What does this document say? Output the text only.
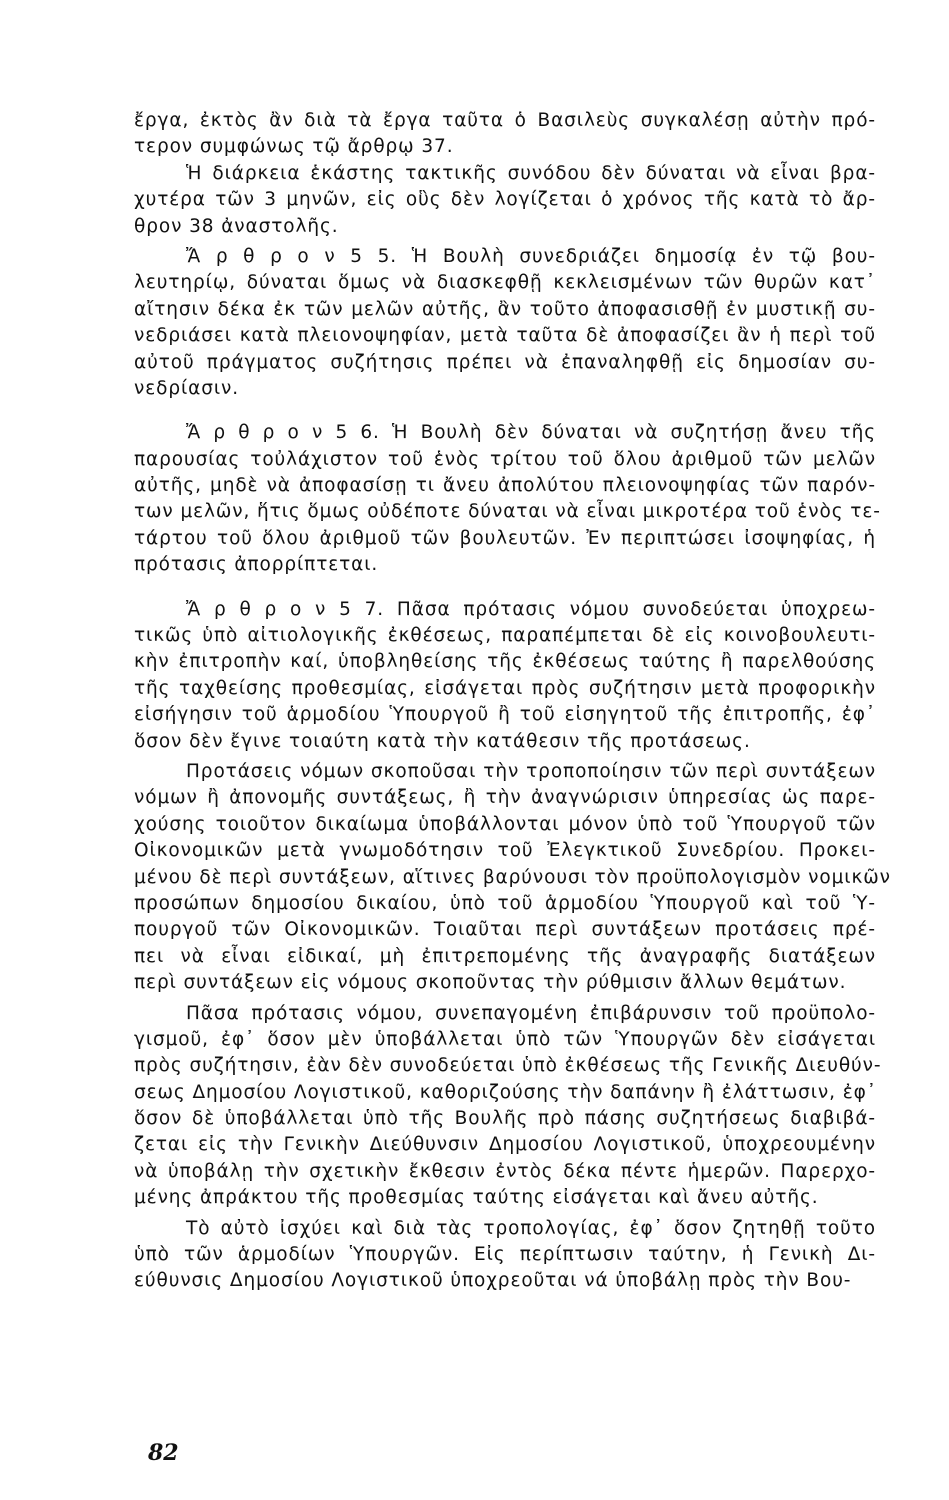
ἔργα, ἐκτὸς ἂν διὰ τὰ ἔργα ταῦτα ὁ Βασιλεὺς συγκαλέσῃ αὐτὴν πρό-
τερον συμφώνως τῷ ἄρθρῳ 37.
Ἡ διάρκεια ἑκάστης τακτικῆς συνόδου δὲν δύναται νὰ εἶναι βρα-
χυτέρα τῶν 3 μηνῶν, εἰς οὓς δὲν λογίζεται ὁ χρόνος τῆς κατὰ τὸ ἄρ-
θρον 38 ἀναστολῆς.
Ἄ ρ θ ρ ο ν 5 5. Ἡ Βουλὴ συνεδριάζει δημοσίᾳ ἐν τῷ βου-
λευτηρίῳ, δύναται ὅμως νὰ διασκεφθῇ κεκλεισμένων τῶν θυρῶν κατ᾽
αἴτησιν δέκα ἐκ τῶν μελῶν αὐτῆς, ἂν τοῦτο ἀποφασισθῇ ἐν μυστικῇ συ-
νεδριάσει κατὰ πλειονοψηφίαν, μετὰ ταῦτα δὲ ἀποφασίζει ἂν ἡ περὶ τοῦ
αὐτοῦ πράγματος συζήτησις πρέπει νὰ ἐπαναληφθῇ εἰς δημοσίαν συ-
νεδρίασιν.
Ἄ ρ θ ρ ο ν 5 6. Ἡ Βουλὴ δὲν δύναται νὰ συζητήσῃ ἄνευ τῆς
παρουσίας τοὐλάχιστον τοῦ ἑνὸς τρίτου τοῦ ὅλου ἀριθμοῦ τῶν μελῶν
αὐτῆς, μηδὲ νὰ ἀποφασίσῃ τι ἄνευ ἀπολύτου πλειονοψηφίας τῶν παρόν-
των μελῶν, ἥτις ὅμως οὐδέποτε δύναται νὰ εἶναι μικροτέρα τοῦ ἑνὸς τε-
τάρτου τοῦ ὅλου ἀριθμοῦ τῶν βουλευτῶν. Ἐν περιπτώσει ἰσοψηφίας, ἡ
πρότασις ἀπορρίπτεται.
Ἄ ρ θ ρ ο ν 5 7. Πᾶσα πρότασις νόμου συνοδεύεται ὑποχρεω-
τικῶς ὑπὸ αἰτιολογικῆς ἐκθέσεως, παραπέμπεται δὲ εἰς κοινοβουλευτι-
κὴν ἐπιτροπὴν καί, ὑποβληθείσης τῆς ἐκθέσεως ταύτης ἢ παρελθούσης
τῆς ταχθείσης προθεσμίας, εἰσάγεται πρὸς συζήτησιν μετὰ προφορικὴν
εἰσήγησιν τοῦ ἁρμοδίου Ὑπουργοῦ ἢ τοῦ εἰσηγητοῦ τῆς ἐπιτροπῆς, ἐφ᾽
ὅσον δὲν ἔγινε τοιαύτη κατὰ τὴν κατάθεσιν τῆς προτάσεως.
Προτάσεις νόμων σκοποῦσαι τὴν τροποποίησιν τῶν περὶ συντάξεων
νόμων ἢ ἀπονομῆς συντάξεως, ἢ τὴν ἀναγνώρισιν ὑπηρεσίας ὡς παρε-
χούσης τοιοῦτον δικαίωμα ὑποβάλλονται μόνον ὑπὸ τοῦ Ὑπουργοῦ τῶν
Οἰκονομικῶν μετὰ γνωμοδότησιν τοῦ Ἐλεγκτικοῦ Συνεδρίου. Προκει-
μένου δὲ περὶ συντάξεων, αἵτινες βαρύνουσι τὸν προϋπολογισμὸν νομικῶν
προσώπων δημοσίου δικαίου, ὑπὸ τοῦ ἁρμοδίου Ὑπουργοῦ καὶ τοῦ Ὑ-
πουργοῦ τῶν Οἰκονομικῶν. Τοιαῦται περὶ συντάξεων προτάσεις πρέ-
πει νὰ εἶναι εἰδικαί, μὴ ἐπιτρεπομένης τῆς ἀναγραφῆς διατάξεων
περὶ συντάξεων εἰς νόμους σκοποῦντας τὴν ρύθμισιν ἄλλων θεμάτων.
Πᾶσα πρότασις νόμου, συνεπαγομένη ἐπιβάρυνσιν τοῦ προϋπολο-
γισμοῦ, ἐφ᾽ ὅσον μὲν ὑποβάλλεται ὑπὸ τῶν Ὑπουργῶν δὲν εἰσάγεται
πρὸς συζήτησιν, ἐὰν δὲν συνοδεύεται ὑπὸ ἐκθέσεως τῆς Γενικῆς Διευθύν-
σεως Δημοσίου Λογιστικοῦ, καθοριζούσης τὴν δαπάνην ἢ ἐλάττωσιν, ἐφ᾽
ὅσον δὲ ὑποβάλλεται ὑπὸ τῆς Βουλῆς πρὸ πάσης συζητήσεως διαβιβά-
ζεται εἰς τὴν Γενικὴν Διεύθυνσιν Δημοσίου Λογιστικοῦ, ὑποχρεουμένην
νὰ ὑποβάλῃ τὴν σχετικὴν ἔκθεσιν ἐντὸς δέκα πέντε ἡμερῶν. Παρερχο-
μένης ἀπράκτου τῆς προθεσμίας ταύτης εἰσάγεται καὶ ἄνευ αὐτῆς.
Τὸ αὐτὸ ἰσχύει καὶ διὰ τὰς τροπολογίας, ἐφ᾽ ὅσον ζητηθῇ τοῦτο
ὑπὸ τῶν ἁρμοδίων Ὑπουργῶν. Εἰς περίπτωσιν ταύτην, ἡ Γενικὴ Δι-
εύθυνσις Δημοσίου Λογιστικοῦ ὑποχρεοῦται νά ὑποβάλῃ πρὸς τὴν Βου-
82
